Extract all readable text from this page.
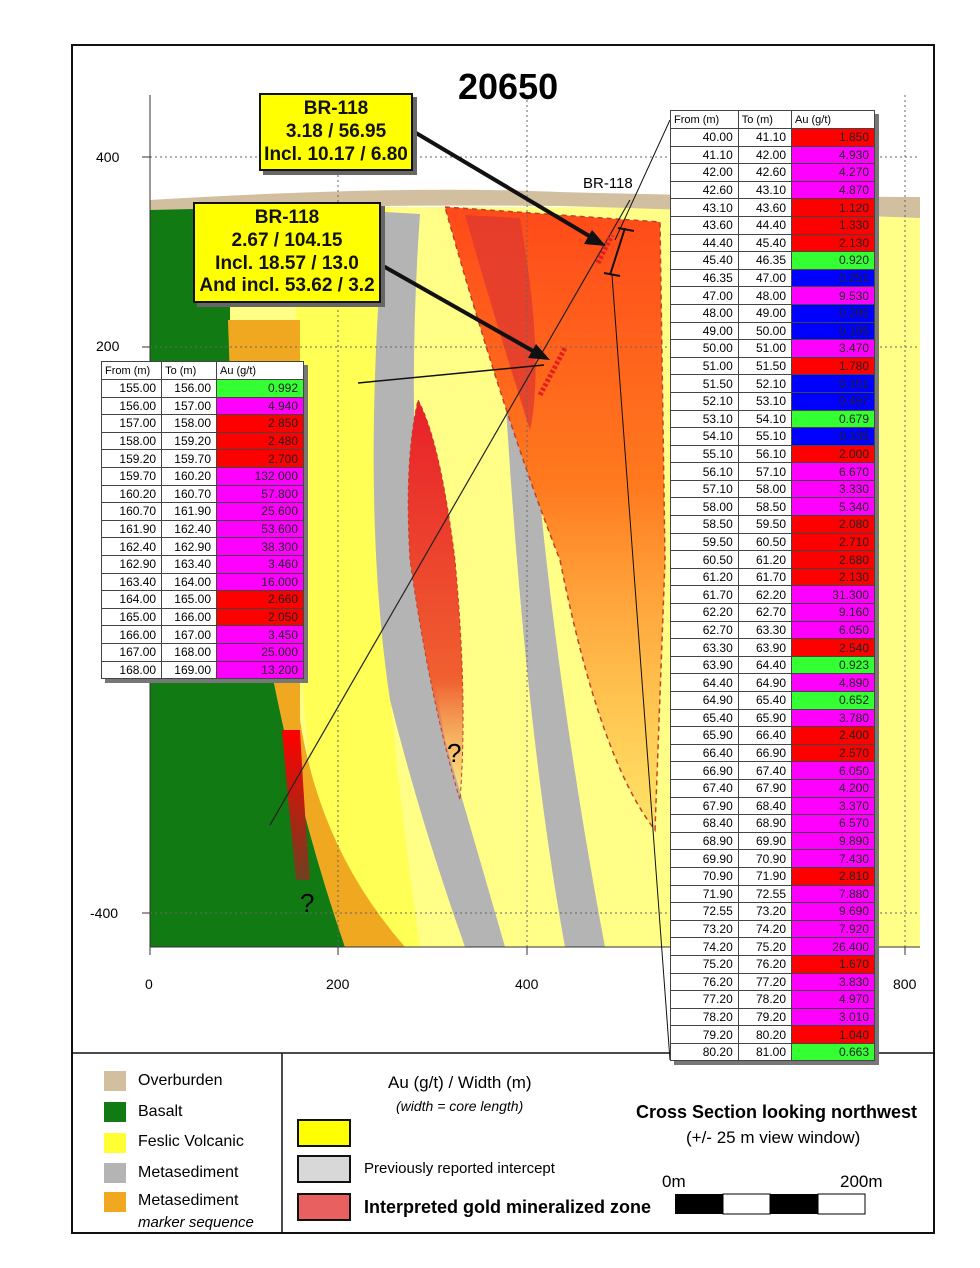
20650
400
200
-400
0	200	400	800
BR-118
?
?
BR-118
3.18 / 56.95
Incl. 10.17 / 6.80
BR-118
2.67 / 104.15
Incl. 18.57 / 13.0
And incl. 53.62 / 3.2
From (m)	To (m)	Au (g/t)
155.00	156.00	0.992
156.00	157.00	4.940
157.00	158.00	2.850
158.00	159.20	2.480
159.20	159.70	2.700
159.70	160.20	132.000
160.20	160.70	57.800
160.70	161.90	25.600
161.90	162.40	53.600
162.40	162.90	38.300
162.90	163.40	3.460
163.40	164.00	16.000
164.00	165.00	2.660
165.00	166.00	2.050
166.00	167.00	3.450
167.00	168.00	25.000
168.00	169.00	13.200
From (m)	To (m)	Au (g/t)
40.00	41.10	1.850
41.10	42.00	4.930
42.00	42.60	4.270
42.60	43.10	4.870
43.10	43.60	1.120
43.60	44.40	1.330
44.40	45.40	2.130
45.40	46.35	0.920
46.35	47.00	0.251
47.00	48.00	9.530
48.00	49.00	0.295
49.00	50.00	0.195
50.00	51.00	3.470
51.00	51.50	1.780
51.50	52.10	0.151
52.10	53.10	0.497
53.10	54.10	0.679
54.10	55.10	0.135
55.10	56.10	2.000
56.10	57.10	6.670
57.10	58.00	3.330
58.00	58.50	5.340
58.50	59.50	2.080
59.50	60.50	2.710
60.50	61.20	2.680
61.20	61.70	2.130
61.70	62.20	31.300
62.20	62.70	9.160
62.70	63.30	6.050
63.30	63.90	2.540
63.90	64.40	0.923
64.40	64.90	4.890
64.90	65.40	0.652
65.40	65.90	3.780
65.90	66.40	2.400
66.40	66.90	2.570
66.90	67.40	6.050
67.40	67.90	4.200
67.90	68.40	3.370
68.40	68.90	6.570
68.90	69.90	9.890
69.90	70.90	7.430
70.90	71.90	2.810
71.90	72.55	7.880
72.55	73.20	9.690
73.20	74.20	7.920
74.20	75.20	26.400
75.20	76.20	1.670
76.20	77.20	3.830
77.20	78.20	4.970
78.20	79.20	3.010
79.20	80.20	1.040
80.20	81.00	0.663
Overburden
Basalt
Feslic Volcanic
Metasediment
Metasediment
marker sequence
Au (g/t) / Width (m)
(width = core length)
Previously reported intercept
Interpreted gold mineralized zone
Cross Section looking northwest
(+/- 25 m view window)
0m	200m
